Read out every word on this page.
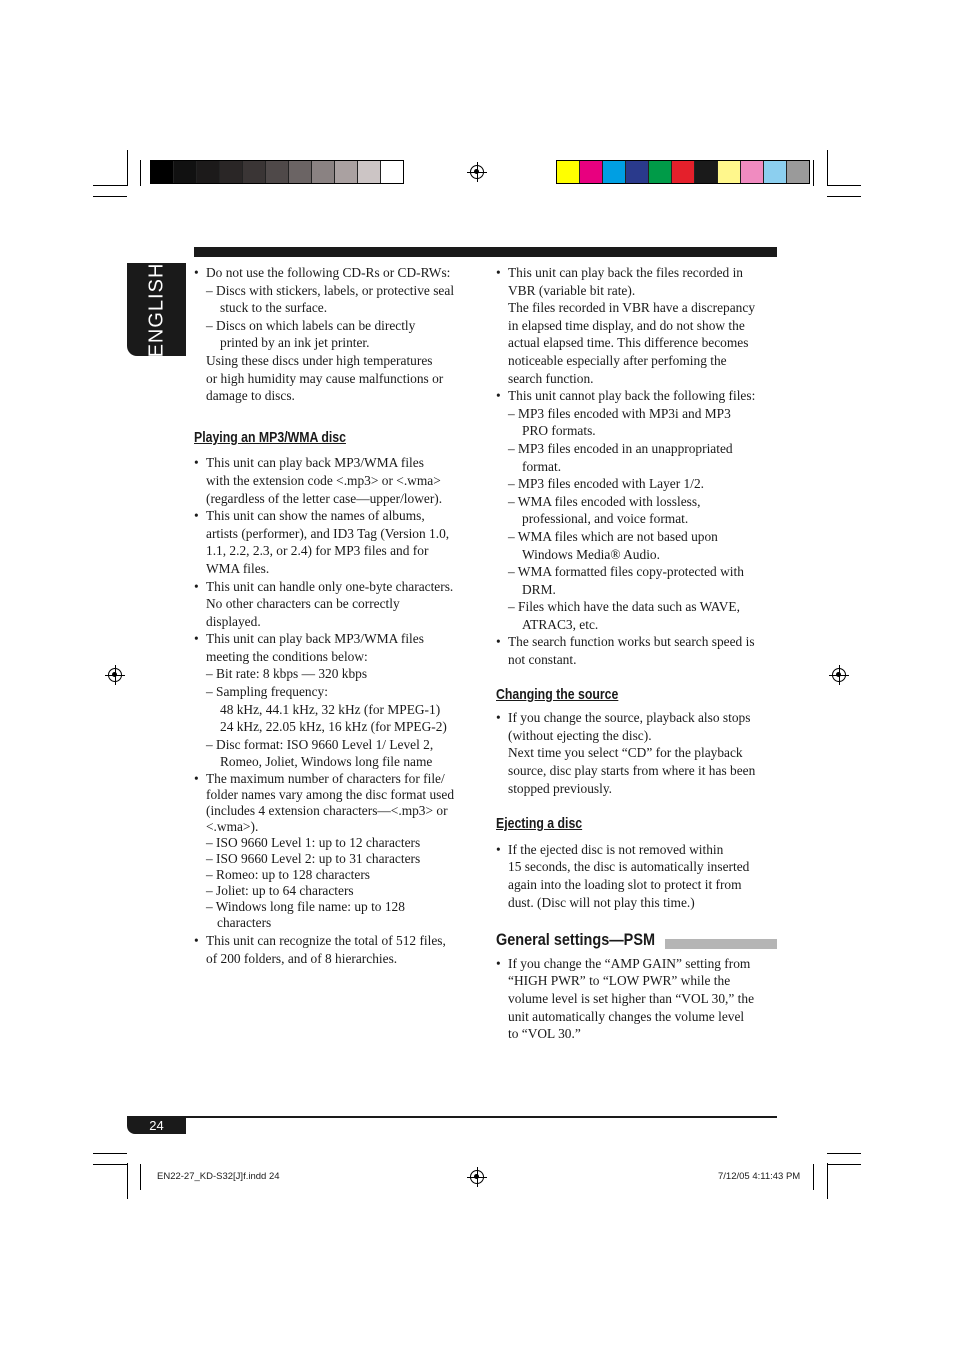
ENGLISH

•	Do not use the following CD-Rs or CD-RWs:

– Discs with stickers, labels, or protective seal

stuck to the surface.

– Discs on which labels can be directly

printed by an ink jet printer.

Using these discs under high temperatures

or high humidity may cause malfunctions or

damage to discs.

Playing an MP3/WMA disc

• This unit can play back MP3/WMA files

with the extension code <.mp3> or <.wma>

(regardless of the letter case—upper/lower).

• This unit can show the names of albums,

artists (performer), and ID3 Tag (Version 1.0,

1.1, 2.2, 2.3, or 2.4) for MP3 files and for

WMA files.

• This unit can handle only one-byte characters.

No other characters can be correctly

displayed.

• This unit can play back MP3/WMA files

meeting the conditions below:

– Bit rate: 8 kbps — 320 kbps

– Sampling frequency:

48 kHz, 44.1 kHz, 32 kHz (for MPEG-1)

24 kHz, 22.05 kHz, 16 kHz (for MPEG-2)

– Disc format: ISO 9660 Level 1/ Level 2,

Romeo, Joliet, Windows long file name

• The maximum number of characters for file/

folder names vary among the disc format used

(includes 4 extension characters—<.mp3> or

<.wma>).

– ISO 9660 Level 1: up to 12 characters

– ISO 9660 Level 2: up to 31 characters

– Romeo: up to 128 characters

– Joliet: up to 64 characters

– Windows long file name: up to 128

characters

• This unit can recognize the total of 512 files,

of 200 folders, and of 8 hierarchies.

• This unit can play back the files recorded in

VBR (variable bit rate).

The files recorded in VBR have a discrepancy

in elapsed time display, and do not show the

actual elapsed time. This difference becomes

noticeable especially after perfoming the

search function.

• This unit cannot play back the following files:

– MP3 files encoded with MP3i and MP3

PRO formats.

– MP3 files encoded in an unappropriated

format.

– MP3 files encoded with Layer 1/2.

– WMA files encoded with lossless,

professional, and voice format.

– WMA files which are not based upon

Windows Media® Audio.

– WMA formatted files copy-protected with

DRM.

– Files which have the data such as WAVE,

ATRAC3, etc.

• The search function works but search speed is

not constant.

Changing the source

• If you change the source, playback also stops

(without ejecting the disc).

Next time you select “CD” for the playback

source, disc play starts from where it has been

stopped previously.

Ejecting a disc

• If the ejected disc is not removed within

15 seconds, the disc is automatically inserted

again into the loading slot to protect it from

dust. (Disc will not play this time.)

General settings—PSM

• If you change the “AMP GAIN” setting from

“HIGH PWR” to “LOW PWR” while the

volume level is set higher than “VOL 30,” the

unit automatically changes the volume level

to “VOL 30.”

24
EN22-27_KD-S32[J]f.indd 24	7/12/05 4:11:43 PM
